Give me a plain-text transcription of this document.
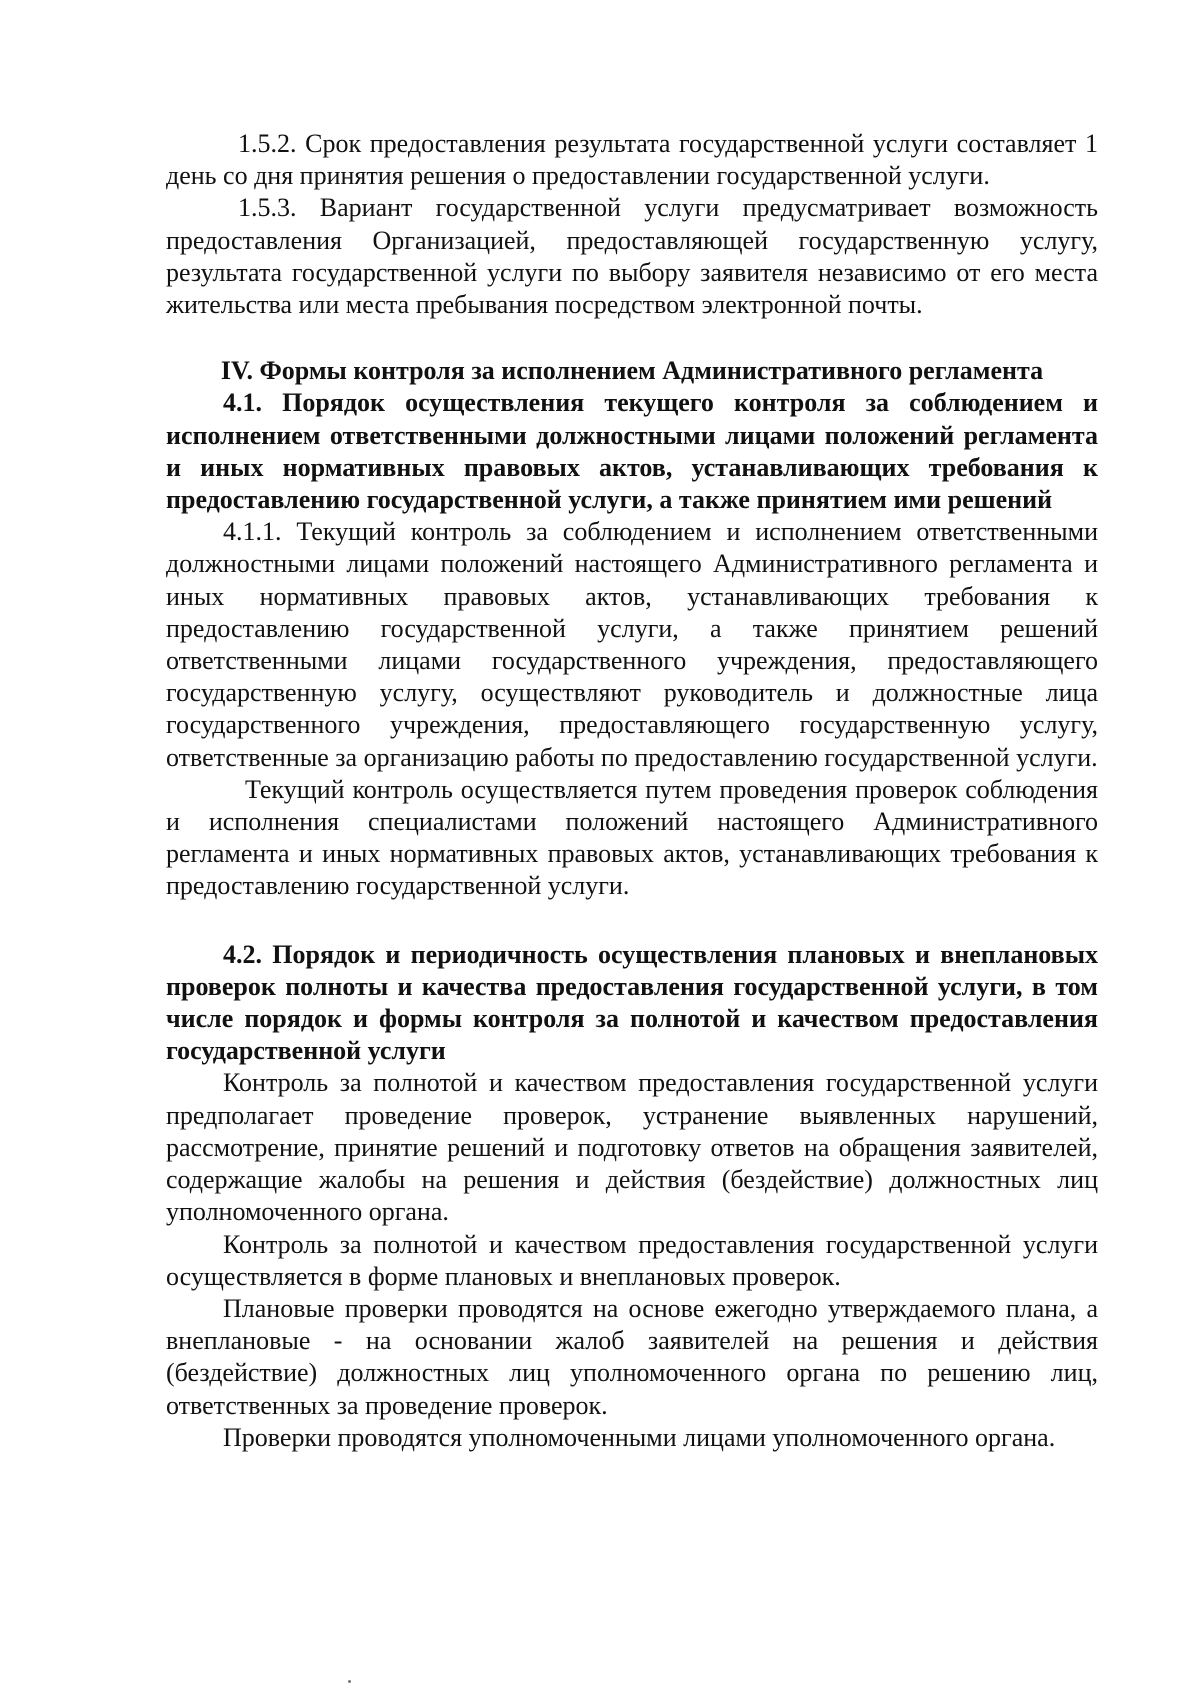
1.5.2. Срок предоставления результата государственной услуги составляет 1 день со дня принятия решения о предоставлении государственной услуги.

1.5.3. Вариант государственной услуги предусматривает возможность предоставления Организацией, предоставляющей государственную услугу, результата государственной услуги по выбору заявителя независимо от его места жительства или места пребывания посредством электронной почты.

IV. Формы контроля за исполнением Административного регламента

4.1. Порядок осуществления текущего контроля за соблюдением и исполнением ответственными должностными лицами положений регламента и иных нормативных правовых актов, устанавливающих требования к предоставлению государственной услуги, а также принятием ими решений

4.1.1. Текущий контроль за соблюдением и исполнением ответственными должностными лицами положений настоящего Административного регламента и иных нормативных правовых актов, устанавливающих требования к предоставлению государственной услуги, а также принятием решений ответственными лицами государственного учреждения, предоставляющего государственную услугу, осуществляют руководитель и должностные лица государственного учреждения, предоставляющего государственную услугу, ответственные за организацию работы по предоставлению государственной услуги.

Текущий контроль осуществляется путем проведения проверок соблюдения и исполнения специалистами положений настоящего Административного регламента и иных нормативных правовых актов, устанавливающих требования к предоставлению государственной услуги.

4.2. Порядок и периодичность осуществления плановых и внеплановых проверок полноты и качества предоставления государственной услуги, в том числе порядок и формы контроля за полнотой и качеством предоставления государственной услуги

Контроль за полнотой и качеством предоставления государственной услуги предполагает проведение проверок, устранение выявленных нарушений, рассмотрение, принятие решений и подготовку ответов на обращения заявителей, содержащие жалобы на решения и действия (бездействие) должностных лиц уполномоченного органа.

Контроль за полнотой и качеством предоставления государственной услуги осуществляется в форме плановых и внеплановых проверок.

Плановые проверки проводятся на основе ежегодно утверждаемого плана, а внеплановые - на основании жалоб заявителей на решения и действия (бездействие) должностных лиц уполномоченного органа по решению лиц, ответственных за проведение проверок.

Проверки проводятся уполномоченными лицами уполномоченного органа.
